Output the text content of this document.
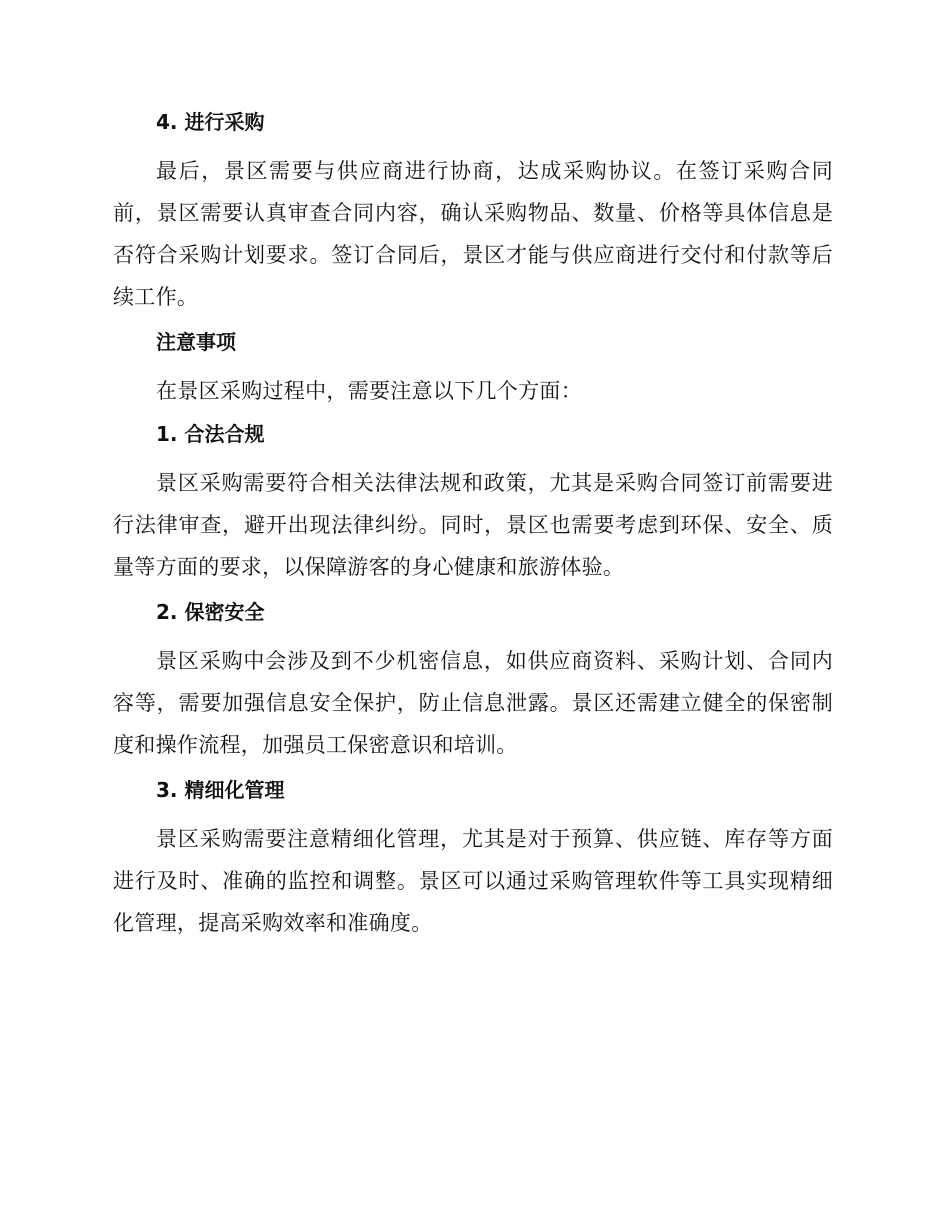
4. 进行采购

最后，景区需要与供应商进行协商，达成采购协议。在签订采购合同前，景区需要认真审查合同内容，确认采购物品、数量、价格等具体信息是否符合采购计划要求。签订合同后，景区才能与供应商进行交付和付款等后续工作。

注意事项

在景区采购过程中，需要注意以下几个方面：

1. 合法合规

景区采购需要符合相关法律法规和政策，尤其是采购合同签订前需要进行法律审查，避开出现法律纠纷。同时，景区也需要考虑到环保、安全、质量等方面的要求，以保障游客的身心健康和旅游体验。

2. 保密安全

景区采购中会涉及到不少机密信息，如供应商资料、采购计划、合同内容等，需要加强信息安全保护，防止信息泄露。景区还需建立健全的保密制度和操作流程，加强员工保密意识和培训。

3. 精细化管理

景区采购需要注意精细化管理，尤其是对于预算、供应链、库存等方面进行及时、准确的监控和调整。景区可以通过采购管理软件等工具实现精细化管理，提高采购效率和准确度。
